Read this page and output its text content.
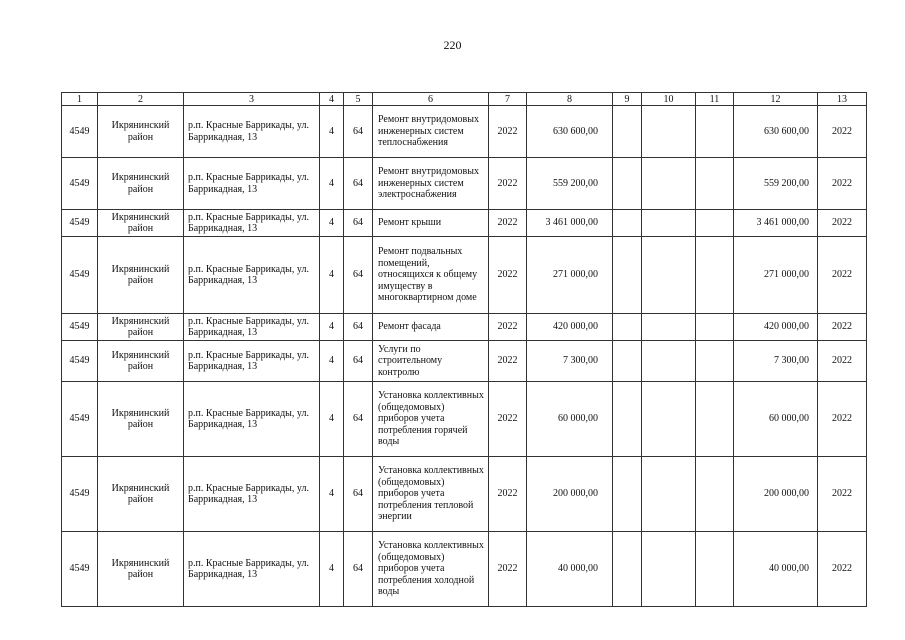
220
1	2	3	4	5	6	7	8	9	10	11	12	13
4549	Икрянинский район	р.п. Красные Баррикады, ул. Баррикадная, 13	4	64	Ремонт внутридомовых инженерных систем теплоснабжения	2022	630 600,00				630 600,00	2022
4549	Икрянинский район	р.п. Красные Баррикады, ул. Баррикадная, 13	4	64	Ремонт внутридомовых инженерных систем электроснабжения	2022	559 200,00				559 200,00	2022
4549	Икрянинский район	р.п. Красные Баррикады, ул. Баррикадная, 13	4	64	Ремонт крыши	2022	3 461 000,00				3 461 000,00	2022
4549	Икрянинский район	р.п. Красные Баррикады, ул. Баррикадная, 13	4	64	Ремонт подвальных помещений, относящихся к общему имуществу в многоквартирном доме	2022	271 000,00				271 000,00	2022
4549	Икрянинский район	р.п. Красные Баррикады, ул. Баррикадная, 13	4	64	Ремонт фасада	2022	420 000,00				420 000,00	2022
4549	Икрянинский район	р.п. Красные Баррикады, ул. Баррикадная, 13	4	64	Услуги по строительному контролю	2022	7 300,00				7 300,00	2022
4549	Икрянинский район	р.п. Красные Баррикады, ул. Баррикадная, 13	4	64	Установка коллективных (общедомовых) приборов учета потребления горячей воды	2022	60 000,00				60 000,00	2022
4549	Икрянинский район	р.п. Красные Баррикады, ул. Баррикадная, 13	4	64	Установка коллективных (общедомовых) приборов учета потребления тепловой энергии	2022	200 000,00				200 000,00	2022
4549	Икрянинский район	р.п. Красные Баррикады, ул. Баррикадная, 13	4	64	Установка коллективных (общедомовых) приборов учета потребления холодной воды	2022	40 000,00				40 000,00	2022
